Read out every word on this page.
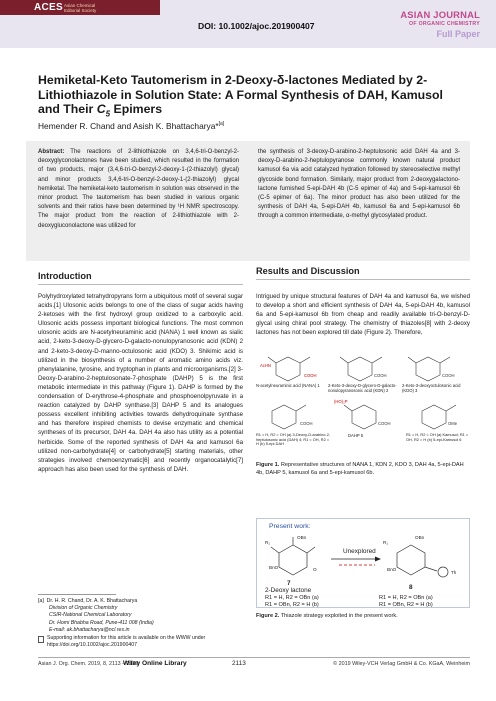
ACES Asian Chemical Editorial Society
DOI: 10.1002/ajoc.201900407
ASIAN JOURNAL
OF ORGANIC CHEMISTRY
Full Paper
Hemiketal-Keto Tautomerism in 2-Deoxy-δ-lactones Mediated by 2-Lithiothiazole in Solution State: A Formal Synthesis of DAH, Kamusol and Their $C_5$ Epimers
Hemender R. Chand and Asish K. Bhattacharya*[a]
Abstract: The reactions of 2-lithiothiazole on 3,4,6-tri-O-benzyl-2-deoxyglyconolactones have been studied, which resulted in the formation of two products, major (3,4,6-tri-O-benzyl-2-deoxy-1-(2-thiazolyl) glycal) and minor products 3,4,6-tri-O-benzyl-2-deoxy-1-(2-thiazolyl) glycal hemiketal. The hemiketal-keto tautomerism in solution was observed in the minor product. The tautomerism has been studied in various organic solvents and their ratios have been determined by ¹H NMR spectroscopy. The major product from the reaction of 2-lithiothiazole with 2-deoxygluconolactone was utilized for
the synthesis of 3-deoxy-D-arabino-2-heptulosonic acid DAH 4a and 3-deoxy-D-arabino-2-heptulopyranose commonly known natural product kamusol 6a via acid catalyzed hydration followed by stereoselective methyl glycoside bond formation. Similarly, major product from 2-deoxygalactono-lactone furnished 5-epi-DAH 4b (C-5 epimer of 4a) and 5-epi-kamusol 6b (C-5 epimer of 6a). The minor product has also been utilized for the synthesis of DAH 4a, 5-epi-DAH 4b, kamusol 6a and 5-epi-kamusol 6b through a common intermediate, α-methyl glycosylated product.
Introduction
Polyhydroxylated tetrahydropyrans form a ubiquitous motif of several sugar acids.[1] Ulosonic acids belongs to one of the class of sugar acids having 2-ketoses with the first hydroxyl group oxidized to a carboxylic acid. Ulosonic acids possess important biological functions. The most common ulosonic acids are N-acetylneuraminic acid (NANA) 1 well known as sialic acid, 2-keto-3-deoxy-D-glycero-D-galacto-nonulopyranosonic acid (KDN) 2 and 2-keto-3-deoxy-D-manno-octulosonic acid (KDO) 3. Shikimic acid is utilized in the biosynthesis of a number of aromatic amino acids viz. phenylalanine, tyrosine, and tryptophan in plants and microorganisms.[2] 3-Deoxy-D-arabino-2-heptulosonate-7-phosphate (DAHP) 5 is the first metabolic intermediate in this pathway (Figure 1). DAHP is formed by the condensation of D-erythrose-4-phosphate and phosphoenolpyruvate in a reaction catalyzed by DAHP synthase.[3] DAHP 5 and its analogues possess excellent inhibiting activities towards dehydroquinate synthase and has therefore inspired chemists to devise enzymatic and chemical syntheses of its precursor, DAH 4a. DAH 4a also has utility as a potential herbicide. Some of the reported synthesis of DAH 4a and kamusol 6a utilized non-carbohydrate[4] or carbohydrate[5] starting materials, other strategies involved chemoenzymatic[6] and recently organocatalytic[7] approach has also been used for the synthesis of DAH.
Results and Discussion
Intrigued by unique structural features of DAH 4a and kamusol 6a, we wished to develop a short and efficient synthesis of DAH 4a, 5-epi-DAH 4b, kamusol 6a and 5-epi-kamusol 6b from cheap and readily available tri-O-benzyl-D-glycal using chiral pool strategy. The chemistry of thiazoles[8] with 2-deoxy lactones has not been explored till date (Figure 2). Therefore,
AcHN
COOH	COOH	COOH
N-acetylneuraminic acid (NANA) 1	2-Keto-3-deoxy-D-glycero-D-galacto-nonulopyranosonic acid (KDN) 2
2-Keto-3-deoxyoctulosonic acid (KDO) 3
(HO)₂P
COOH	COOH	OMe
R1 = H, R2 = OH (a) 3-Deoxy-D-arabino-2-heptulosonic acid (DAH) 4; R1 = OH, R2 = H (b) 5-epi-DAH
DAHP 5	R1 = H, R2 = OH (a) Kamusol; R1 = OH, R2 = H (b) 5-epi-Kamusol 6
Figure 1. Representative structures of NANA 1, KDN 2, KDO 3, DAH 4a, 5-epi-DAH 4b, DAHP 5, kamusol 6a and 5-epi-kamusol 6b.
Present work:
R₁
OBn
BnO	O
Unexplored
R₁
OBn
BnO
Th
7
2-Deoxy lactone
R1 = H, R2 = OBn (a)
R1 = OBn, R2 = H (b)
8
R1 = H, R2 = OBn (a)
R1 = OBn, R2 = H (b)
Figure 2. Thiazole strategy exploited in the present work.
[a] Dr. H. R. Chand, Dr. A. K. Bhattacharya
Division of Organic Chemistry
CSIR-National Chemical Laboratory
Dr. Homi Bhabha Road, Pune-411 008 (India)
E-mail: ak.bhattacharya@ncl.res.in
Supporting information for this article is available on the WWW under https://doi.org/10.1002/ajoc.201900407
Asian J. Org. Chem. 2019, 8, 2113 – 2120
Wiley Online Library	2113	© 2019 Wiley-VCH Verlag GmbH & Co. KGaA, Weinheim
